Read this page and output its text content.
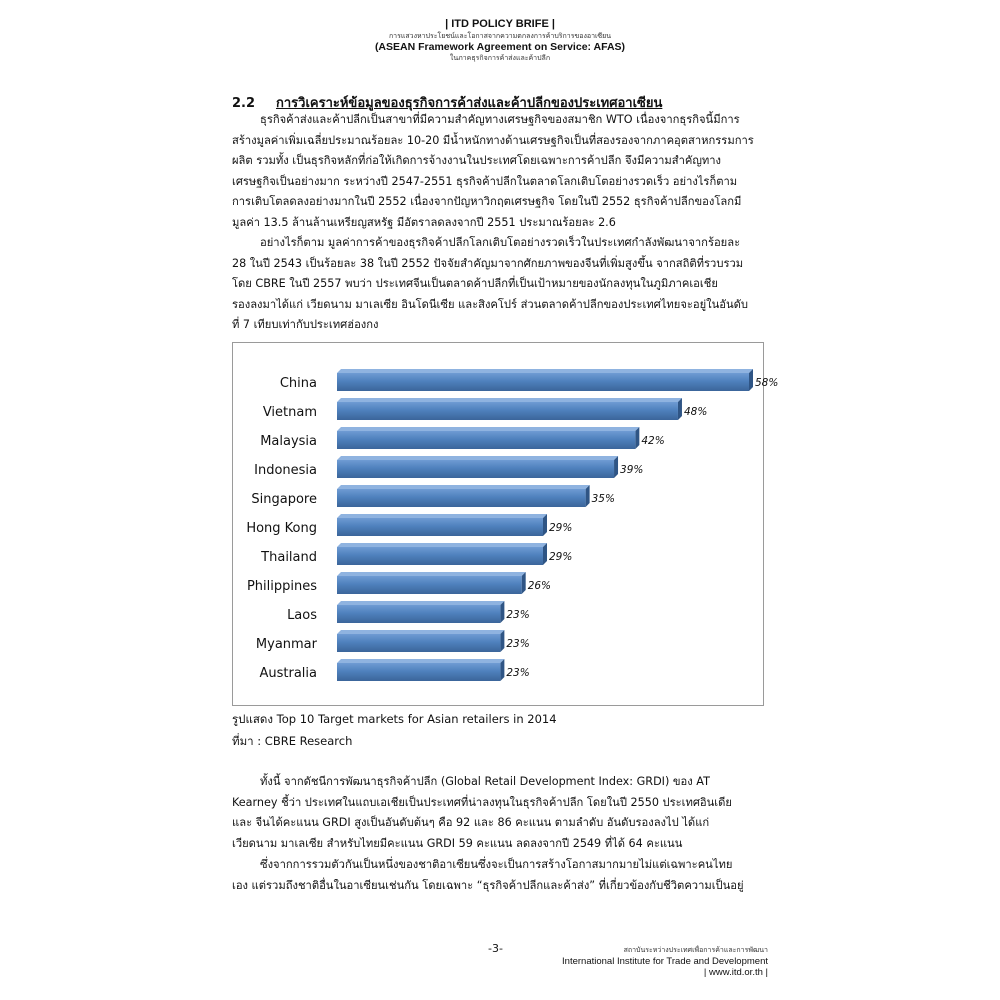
| ITD POLICY BRIFE |
การแสวงหาประโยชน์และโอกาสจากความตกลงการค้าบริการของอาเซียน
(ASEAN Framework Agreement on Service: AFAS)
ในภาคธุรกิจการค้าส่งและค้าปลีก
2.2 การวิเคราะห์ข้อมูลของธุรกิจการค้าส่งและค้าปลีกของประเทศอาเซียน

ธุรกิจค้าส่งและค้าปลีกเป็นสาขาที่มีความสำคัญทางเศรษฐกิจของสมาชิก WTO เนื่องจากธุรกิจนี้มีการ
สร้างมูลค่าเพิ่มเฉลี่ยประมาณร้อยละ 10-20 มีน้ำหนักทางด้านเศรษฐกิจเป็นที่สองรองจากภาคอุตสาหกรรมการ
ผลิต รวมทั้ง เป็นธุรกิจหลักที่ก่อให้เกิดการจ้างงานในประเทศโดยเฉพาะการค้าปลีก จึงมีความสำคัญทาง
เศรษฐกิจเป็นอย่างมาก ระหว่างปี 2547-2551 ธุรกิจค้าปลีกในตลาดโลกเติบโตอย่างรวดเร็ว อย่างไรก็ตาม
การเติบโตลดลงอย่างมากในปี 2552 เนื่องจากปัญหาวิกฤตเศรษฐกิจ โดยในปี 2552 ธุรกิจค้าปลีกของโลกมี
มูลค่า 13.5 ล้านล้านเหรียญสหรัฐ มีอัตราลดลงจากปี 2551 ประมาณร้อยละ 2.6

อย่างไรก็ตาม มูลค่าการค้าของธุรกิจค้าปลีกโลกเติบโตอย่างรวดเร็วในประเทศกำลังพัฒนาจากร้อยละ
28 ในปี 2543 เป็นร้อยละ 38 ในปี 2552 ปัจจัยสำคัญมาจากศักยภาพของจีนที่เพิ่มสูงขึ้น จากสถิติที่รวบรวม
โดย CBRE ในปี 2557 พบว่า ประเทศจีนเป็นตลาดค้าปลีกที่เป็นเป้าหมายของนักลงทุนในภูมิภาคเอเชีย
รองลงมาได้แก่ เวียดนาม มาเลเซีย อินโดนีเซีย และสิงคโปร์ ส่วนตลาดค้าปลีกของประเทศไทยจะอยู่ในอันดับ
ที่ 7 เทียบเท่ากับประเทศฮ่องกง

China	58%
Vietnam	48%
Malaysia	42%
Indonesia	39%
Singapore	35%
Hong Kong	29%
Thailand	29%
Philippines	26%
Laos	23%
Myanmar	23%
Australia	23%
รูปแสดง Top 10 Target markets for Asian retailers in 2014
ที่มา : CBRE Research

ทั้งนี้ จากดัชนีการพัฒนาธุรกิจค้าปลีก (Global Retail Development Index: GRDI) ของ AT
Kearney ชี้ว่า ประเทศในแถบเอเชียเป็นประเทศที่น่าลงทุนในธุรกิจค้าปลีก โดยในปี 2550 ประเทศอินเดีย
และ จีนได้คะแนน GRDI สูงเป็นอันดับต้นๆ คือ 92 และ 86 คะแนน ตามลำดับ อันดับรองลงไป ได้แก่
เวียดนาม มาเลเซีย สำหรับไทยมีคะแนน GRDI 59 คะแนน ลดลงจากปี 2549 ที่ได้ 64 คะแนน

ซึ่งจากการรวมตัวกันเป็นหนึ่งของชาติอาเซียนซึ่งจะเป็นการสร้างโอกาสมากมายไม่แต่เฉพาะคนไทย
เอง แต่รวมถึงชาติอื่นในอาเซียนเช่นกัน โดยเฉพาะ “ธุรกิจค้าปลีกและค้าส่ง” ที่เกี่ยวข้องกับชีวิตความเป็นอยู่

-3-	สถาบันระหว่างประเทศเพื่อการค้าและการพัฒนา
International Institute for Trade and Development
| www.itd.or.th |
